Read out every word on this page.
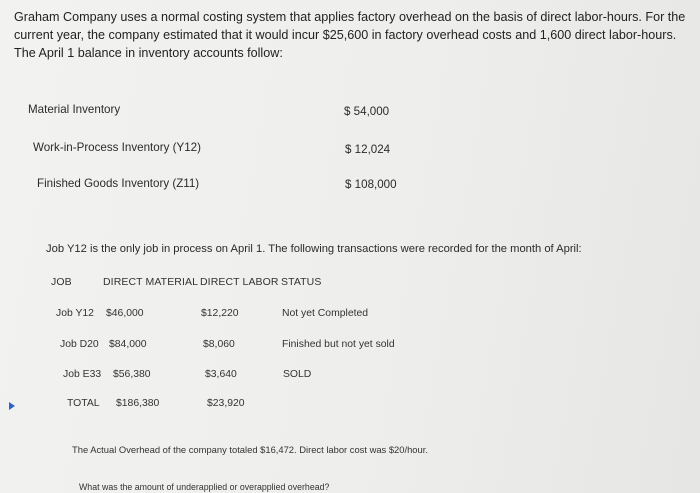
Graham Company uses a normal costing system that applies factory overhead on the basis of direct labor-hours. For the current year, the company estimated that it would incur $25,600 in factory overhead costs and 1,600 direct labor-hours. The April 1 balance in inventory accounts follow:
Material Inventory	$ 54,000
Work-in-Process Inventory (Y12)	$ 12,024
Finished Goods Inventory (Z11)	$ 108,000
Job Y12 is the only job in process on April 1. The following transactions were recorded for the month of April:
JOB	DIRECT MATERIAL DIRECT LABOR STATUS
Job Y12 $46,000	$12,220	Not yet Completed
Job D20 $84,000	$8,060	Finished but not yet sold
Job E33 $56,380	$3,640	SOLD
TOTAL $186,380	$23,920
The Actual Overhead of the company totaled $16,472. Direct labor cost was $20/hour.
What was the amount of underapplied or overapplied overhead?
